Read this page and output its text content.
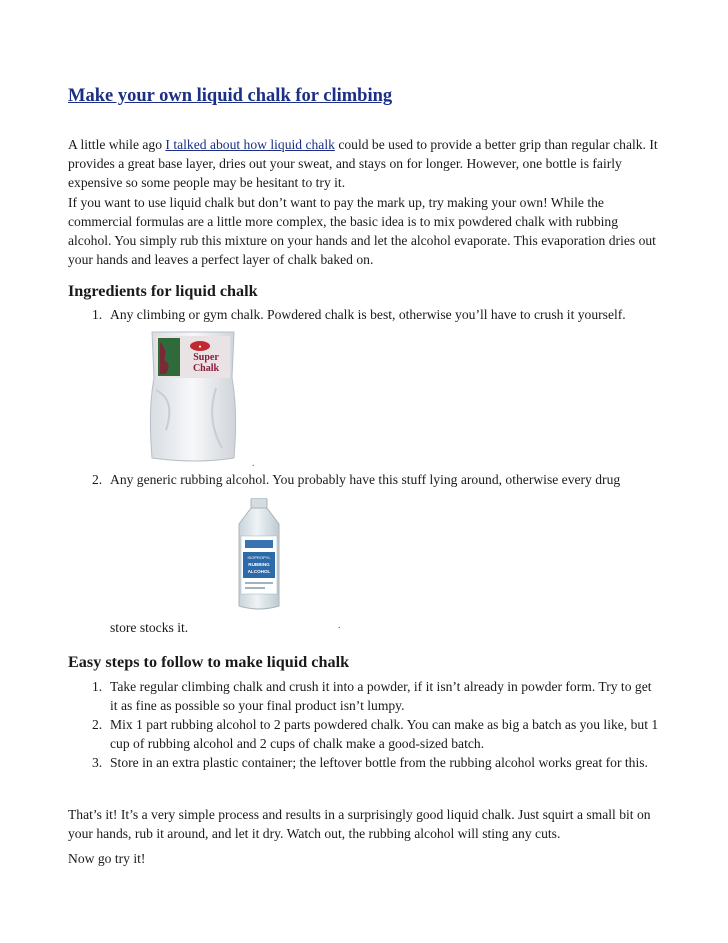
Make your own liquid chalk for climbing

A little while ago I talked about how liquid chalk could be used to provide a better grip than regular chalk. It provides a great base layer, dries out your sweat, and stays on for longer. However, one bottle is fairly expensive so some people may be hesitant to try it.

If you want to use liquid chalk but don’t want to pay the mark up, try making your own! While the commercial formulas are a little more complex, the basic idea is to mix powdered chalk with rubbing alcohol. You simply rub this mixture on your hands and let the alcohol evaporate. This evaporation dries out your hands and leaves a perfect layer of chalk baked on.

Ingredients for liquid chalk
1. Any climbing or gym chalk. Powdered chalk is best, otherwise you’ll have to crush it yourself.
●
Super
Chalk
.
2. Any generic rubbing alcohol. You probably have this stuff lying around, otherwise every drug
ISOPROPYL
RUBBING
ALCOHOL
store stocks it.	.
Easy steps to follow to make liquid chalk
1. Take regular climbing chalk and crush it into a powder, if it isn’t already in powder form. Try to get it as fine as possible so your final product isn’t lumpy.
2. Mix 1 part rubbing alcohol to 2 parts powdered chalk. You can make as big a batch as you like, but 1 cup of rubbing alcohol and 2 cups of chalk make a good-sized batch.
3. Store in an extra plastic container; the leftover bottle from the rubbing alcohol works great for this.

That’s it! It’s a very simple process and results in a surprisingly good liquid chalk. Just squirt a small bit on your hands, rub it around, and let it dry. Watch out, the rubbing alcohol will sting any cuts.

Now go try it!
